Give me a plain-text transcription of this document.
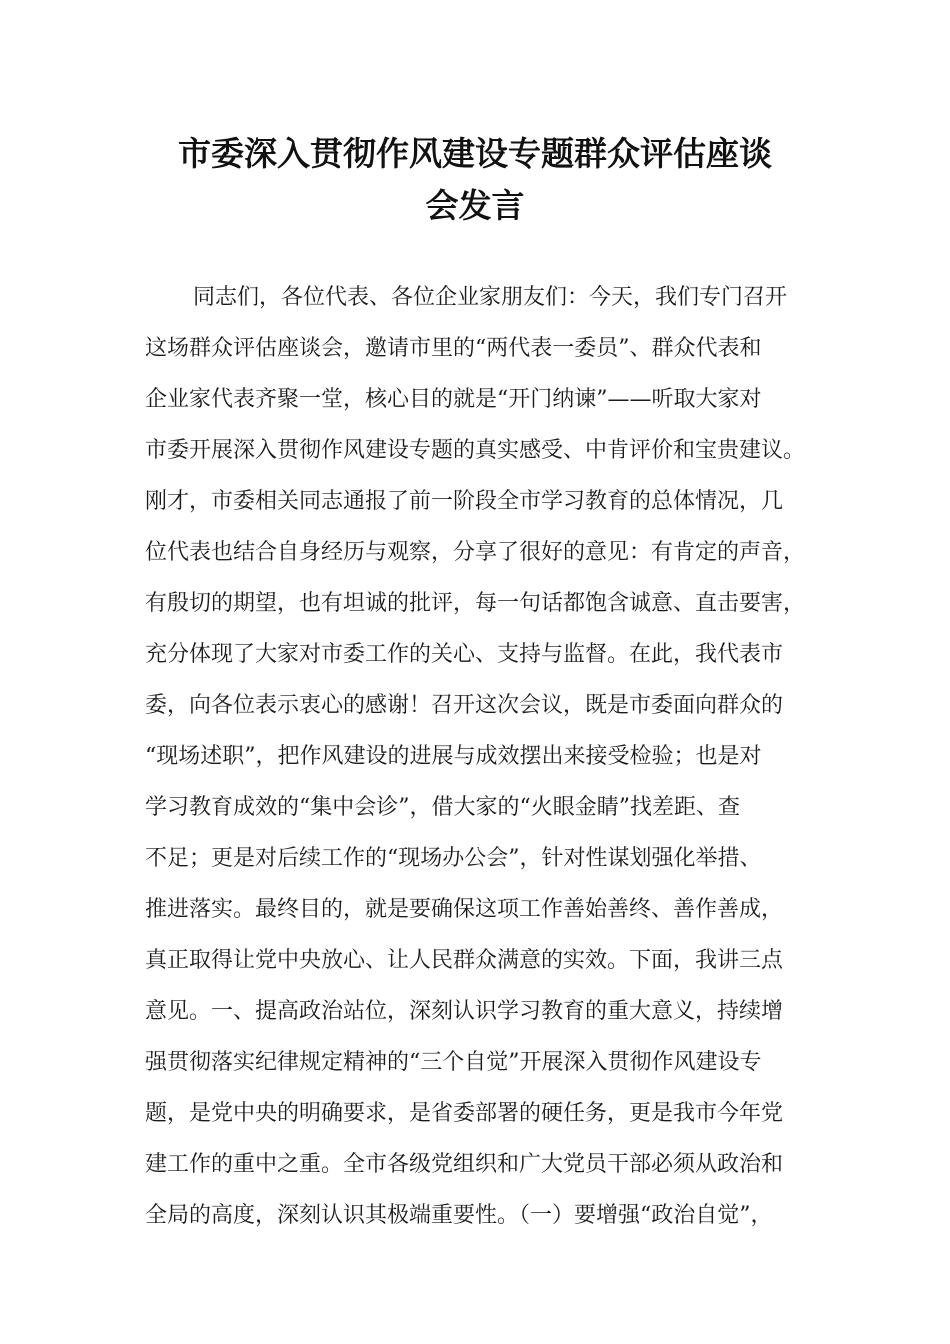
市委深入贯彻作风建设专题群众评估座谈
会发言
同志们，各位代表、各位企业家朋友们：今天，我们专门召开
这场群众评估座谈会，邀请市里的“两代表一委员”、群众代表和
企业家代表齐聚一堂，核心目的就是“开门纳谏”——听取大家对
市委开展深入贯彻作风建设专题的真实感受、中肯评价和宝贵建议。
刚才，市委相关同志通报了前一阶段全市学习教育的总体情况，几
位代表也结合自身经历与观察，分享了很好的意见：有肯定的声音，
有殷切的期望，也有坦诚的批评，每一句话都饱含诚意、直击要害，
充分体现了大家对市委工作的关心、支持与监督。在此，我代表市
委，向各位表示衷心的感谢！召开这次会议，既是市委面向群众的
“现场述职”，把作风建设的进展与成效摆出来接受检验；也是对
学习教育成效的“集中会诊”，借大家的“火眼金睛”找差距、查
不足；更是对后续工作的“现场办公会”，针对性谋划强化举措、
推进落实。最终目的，就是要确保这项工作善始善终、善作善成，
真正取得让党中央放心、让人民群众满意的实效。下面，我讲三点
意见。一、提高政治站位，深刻认识学习教育的重大意义，持续增
强贯彻落实纪律规定精神的“三个自觉”开展深入贯彻作风建设专
题，是党中央的明确要求，是省委部署的硬任务，更是我市今年党
建工作的重中之重。全市各级党组织和广大党员干部必须从政治和
全局的高度，深刻认识其极端重要性。（一）要增强“政治自觉”，
